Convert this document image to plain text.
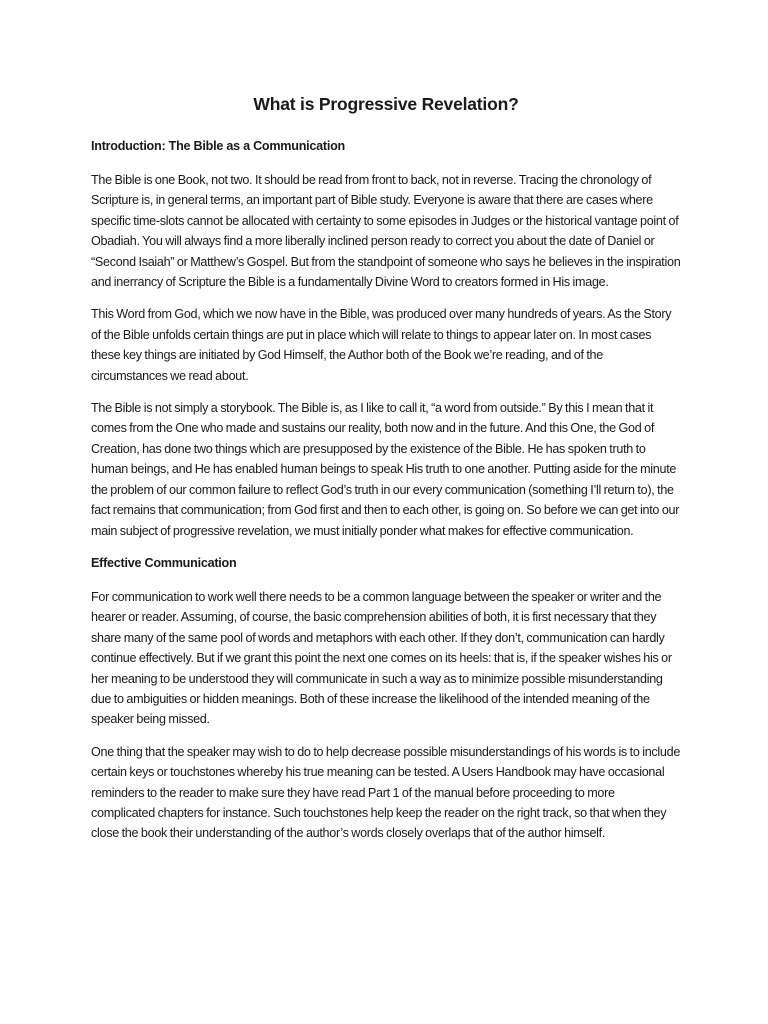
What is Progressive Revelation?
Introduction: The Bible as a Communication

The Bible is one Book, not two. It should be read from front to back, not in reverse. Tracing the chronology of Scripture is, in general terms, an important part of Bible study. Everyone is aware that there are cases where specific time-slots cannot be allocated with certainty to some episodes in Judges or the historical vantage point of Obadiah. You will always find a more liberally inclined person ready to correct you about the date of Daniel or “Second Isaiah” or Matthew’s Gospel. But from the standpoint of someone who says he believes in the inspiration and inerrancy of Scripture the Bible is a fundamentally Divine Word to creators formed in His image.

This Word from God, which we now have in the Bible, was produced over many hundreds of years. As the Story of the Bible unfolds certain things are put in place which will relate to things to appear later on. In most cases these key things are initiated by God Himself, the Author both of the Book we’re reading, and of the circumstances we read about.

The Bible is not simply a storybook. The Bible is, as I like to call it, “a word from outside.” By this I mean that it comes from the One who made and sustains our reality, both now and in the future. And this One, the God of Creation, has done two things which are presupposed by the existence of the Bible. He has spoken truth to human beings, and He has enabled human beings to speak His truth to one another. Putting aside for the minute the problem of our common failure to reflect God’s truth in our every communication (something I’ll return to), the fact remains that communication; from God first and then to each other, is going on. So before we can get into our main subject of progressive revelation, we must initially ponder what makes for effective communication.

Effective Communication

For communication to work well there needs to be a common language between the speaker or writer and the hearer or reader. Assuming, of course, the basic comprehension abilities of both, it is first necessary that they share many of the same pool of words and metaphors with each other. If they don’t, communication can hardly continue effectively. But if we grant this point the next one comes on its heels: that is, if the speaker wishes his or her meaning to be understood they will communicate in such a way as to minimize possible misunderstanding due to ambiguities or hidden meanings. Both of these increase the likelihood of the intended meaning of the speaker being missed.

One thing that the speaker may wish to do to help decrease possible misunderstandings of his words is to include certain keys or touchstones whereby his true meaning can be tested. A Users Handbook may have occasional reminders to the reader to make sure they have read Part 1 of the manual before proceeding to more complicated chapters for instance. Such touchstones help keep the reader on the right track, so that when they close the book their understanding of the author’s words closely overlaps that of the author himself.
